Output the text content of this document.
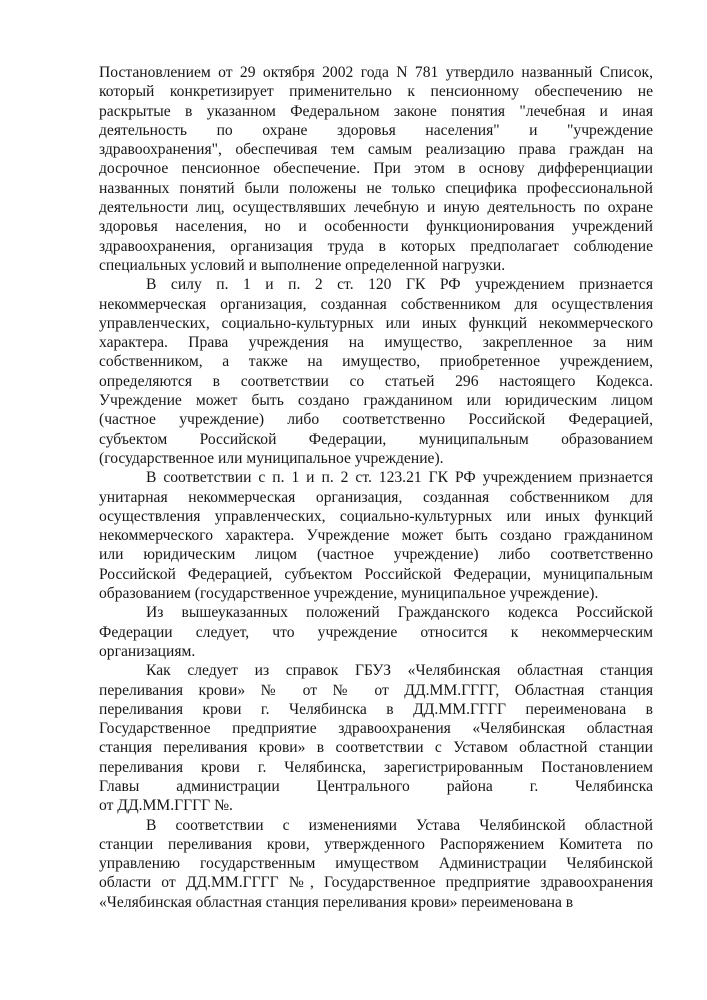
Постановлением от 29 октября 2002 года N 781 утвердило названный Список,
который конкретизирует применительно к пенсионному обеспечению не
раскрытые в указанном Федеральном законе понятия "лечебная и иная
деятельность по охране здоровья населения" и "учреждение
здравоохранения", обеспечивая тем самым реализацию права граждан на
досрочное пенсионное обеспечение. При этом в основу дифференциации
названных понятий были положены не только специфика профессиональной
деятельности лиц, осуществлявших лечебную и иную деятельность по охране
здоровья населения, но и особенности функционирования учреждений
здравоохранения, организация труда в которых предполагает соблюдение
специальных условий и выполнение определенной нагрузки.
В силу п. 1 и п. 2 ст. 120 ГК РФ учреждением признается
некоммерческая организация, созданная собственником для осуществления
управленческих, социально-культурных или иных функций некоммерческого
характера. Права учреждения на имущество, закрепленное за ним
собственником, а также на имущество, приобретенное учреждением,
определяются в соответствии со статьей 296 настоящего Кодекса.
Учреждение может быть создано гражданином или юридическим лицом
(частное учреждение) либо соответственно Российской Федерацией,
субъектом Российской Федерации, муниципальным образованием
(государственное или муниципальное учреждение).
В соответствии с п. 1 и п. 2 ст. 123.21 ГК РФ учреждением признается
унитарная некоммерческая организация, созданная собственником для
осуществления управленческих, социально-культурных или иных функций
некоммерческого характера. Учреждение может быть создано гражданином
или юридическим лицом (частное учреждение) либо соответственно
Российской Федерацией, субъектом Российской Федерации, муниципальным
образованием (государственное учреждение, муниципальное учреждение).
Из вышеуказанных положений Гражданского кодекса Российской
Федерации следует, что учреждение относится к некоммерческим
организациям.
Как следует из справок ГБУЗ «Челябинская областная станция
переливания крови» № от № от ДД.ММ.ГГГГ, Областная станция
переливания крови г. Челябинска в ДД.ММ.ГГГГ переименована в
Государственное предприятие здравоохранения «Челябинская областная
станция переливания крови» в соответствии с Уставом областной станции
переливания крови г. Челябинска, зарегистрированным Постановлением
Главы администрации Центрального района г. Челябинска
от ДД.ММ.ГГГГ №.
В соответствии с изменениями Устава Челябинской областной
станции переливания крови, утвержденного Распоряжением Комитета по
управлению государственным имуществом Администрации Челябинской
области от ДД.ММ.ГГГГ №, Государственное предприятие здравоохранения
«Челябинская областная станция переливания крови» переименована в
